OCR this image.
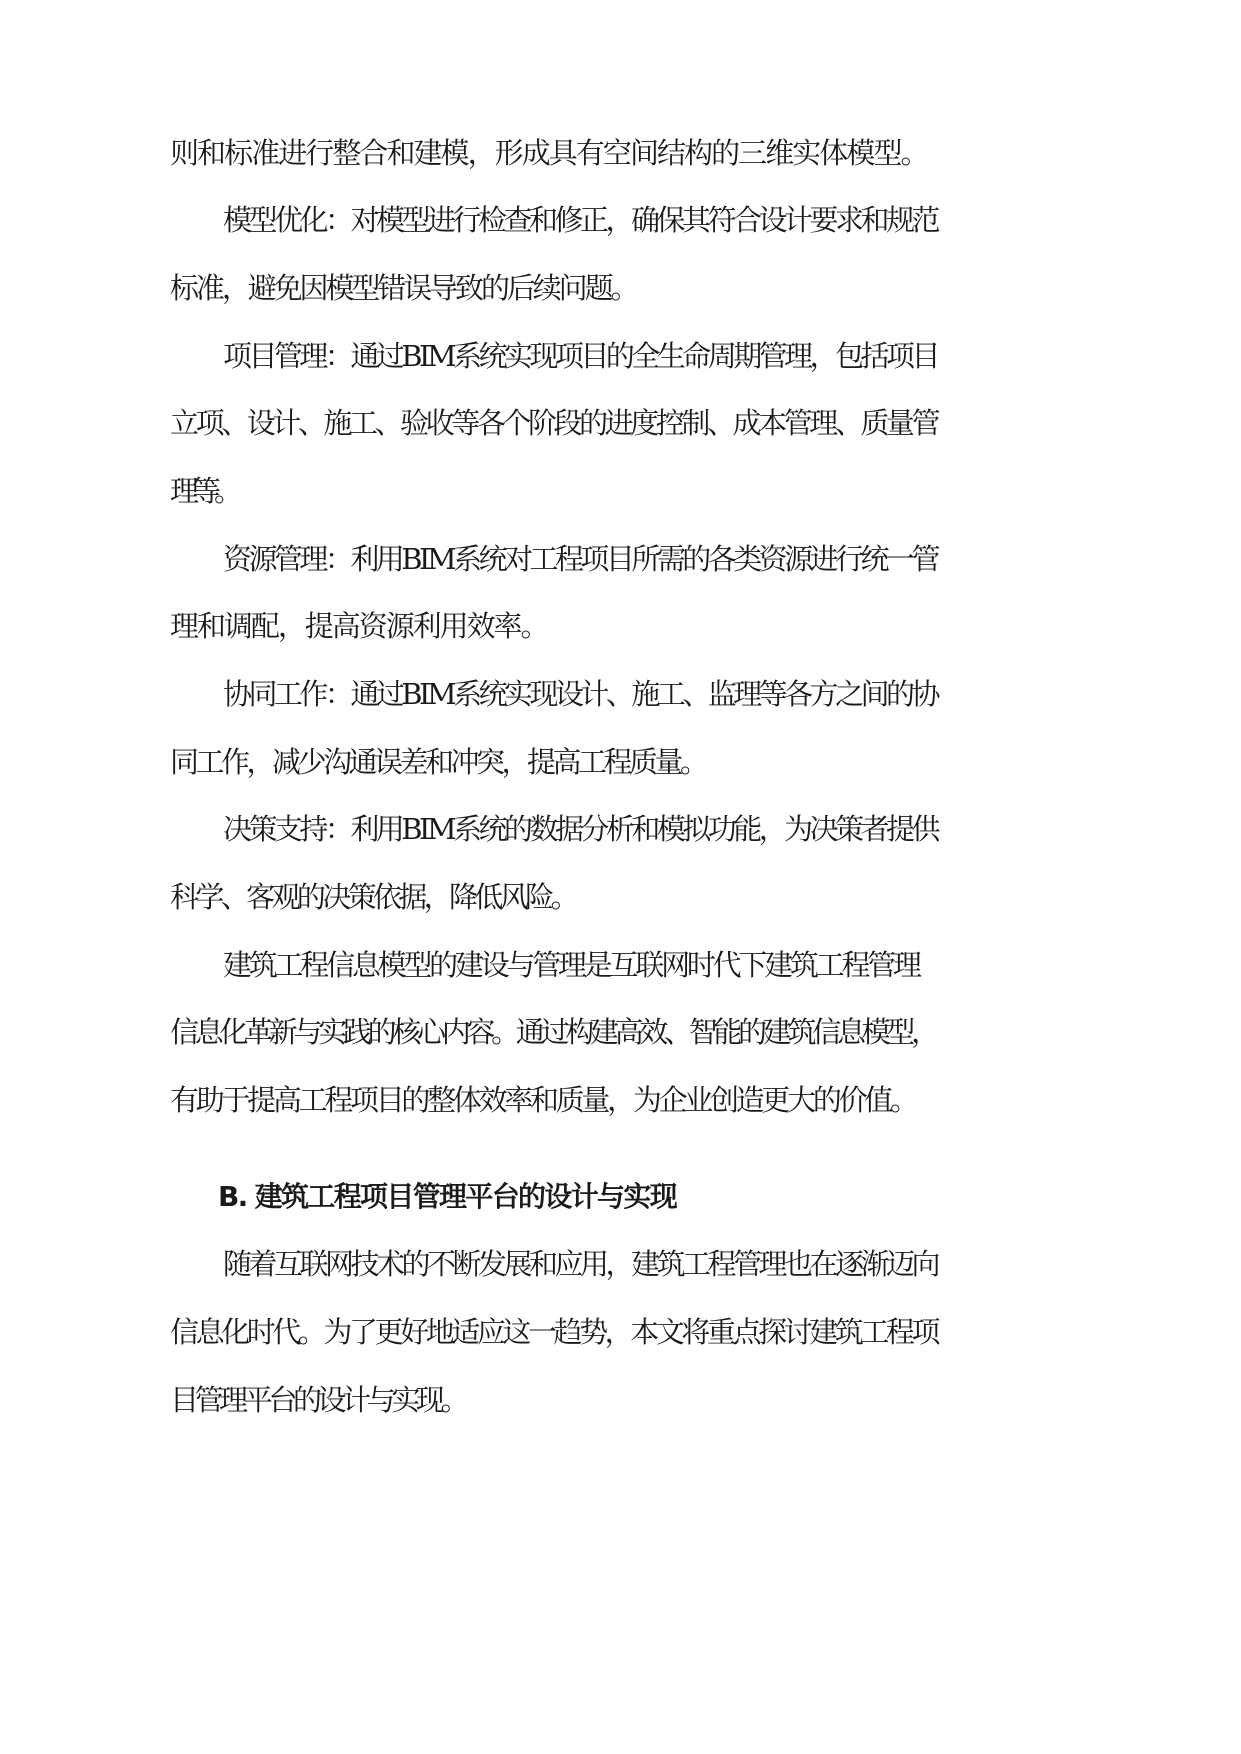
则和标准进行整合和建模，形成具有空间结构的三维实体模型。
模型优化：对模型进行检查和修正，确保其符合设计要求和规范
标准，避免因模型错误导致的后续问题。
项目管理：通过BIM系统实现项目的全生命周期管理，包括项目
立项、设计、施工、验收等各个阶段的进度控制、成本管理、质量管
理等。
资源管理：利用BIM系统对工程项目所需的各类资源进行统一管
理和调配，提高资源利用效率。
协同工作：通过BIM系统实现设计、施工、监理等各方之间的协
同工作，减少沟通误差和冲突，提高工程质量。
决策支持：利用BIM系统的数据分析和模拟功能，为决策者提供
科学、客观的决策依据，降低风险。
建筑工程信息模型的建设与管理是互联网时代下建筑工程管理
信息化革新与实践的核心内容。通过构建高效、智能的建筑信息模型，
有助于提高工程项目的整体效率和质量，为企业创造更大的价值。
B. 建筑工程项目管理平台的设计与实现
随着互联网技术的不断发展和应用，建筑工程管理也在逐渐迈向
信息化时代。为了更好地适应这一趋势，本文将重点探讨建筑工程项
目管理平台的设计与实现。
